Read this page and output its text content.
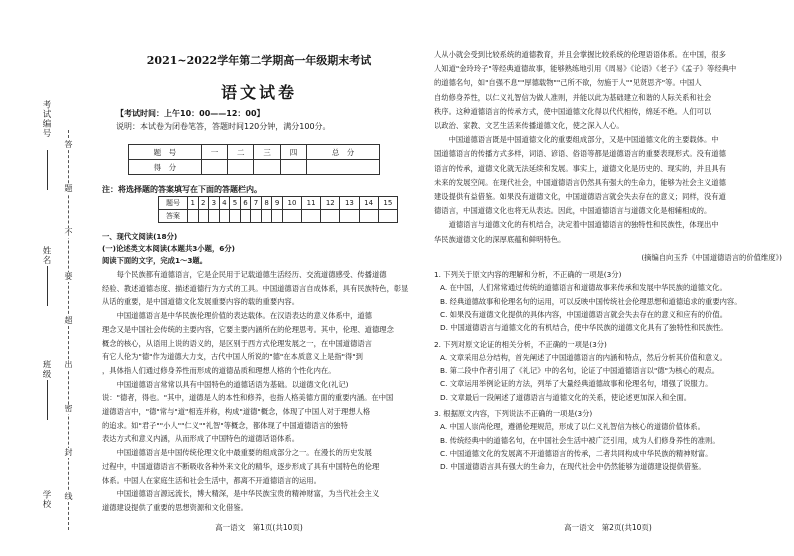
考试编号
姓名
班级
学校
答
题
不
要
超
出
密
封
线
2021~2022学年第二学期高一年级期末考试
语文试卷
【考试时间：上午10：00——12：00】
说明：本试卷为闭卷笔答，答题时间120分钟，满分100分。
题　号	一	二	三	四	总　分
得　分					
注：将选择题的答案填写在下面的答题栏内。
题号	1	2	3	4	5	6	7	8	9	10	11	12	13	14	15
答案															
一、现代文阅读(18分)
(一)论述类文本阅读(本题共3小题，6分)
阅读下面的文字，完成1～3题。
　　每个民族都有道德语言，它是企民用于记载道德生活经历、交流道德感受、传播道德
经验、教述道德态度、描述道德行为方式的工具。中国道德语言自成体系，具有民族特色，彰显
从话的重要，是中国道德文化发展重要内容的载的重要内容。
　　中国道德语言是中华民族伦理价值的表达载体。在汉语表达的意义体系中，道德
理念又是中国社会传统的主要内容，它要主要内涵所在的伦理思考。其中，伦理、道德理念
概念的核心，从语用上说的语义的，是区别于西方式伦理发展之一，在中国道德语言
有它人伦为"德"作为道德大力支，古代中国人所说的"德"在本质意义上是指"得"到
，具体指人们通过修身养性而形成的道德品质和理想人格的个性化内在。
　　中国道德语言常常以具有中国特色的道德话语为基础。以道德文化(礼记)
说："德者，得也。"其中，道德是人的本性和修养，也指人格美德方面的重要内涵。在中国
道德语言中，"德"常与"道"相连并称，构成"道德"概念，体现了中国人对于理想人格
的追求。如"君子""小人""仁义""礼智"等概念，都体现了中国道德语言的独特
表达方式和意义内涵，从而形成了中国特色的道德话语体系。
　　中国道德语言是中国传统伦理文化中最重要的组成部分之一。在漫长的历史发展
过程中，中国道德语言不断吸收各种外来文化的精华，逐步形成了具有中国特色的伦理
体系。中国人在家庭生活和社会生活中，都离不开道德语言的运用。
　　中国道德语言源远流长，博大精深，是中华民族宝贵的精神财富，为当代社会主义
道德建设提供了重要的思想资源和文化借鉴。
高一语文　第1页(共10页)
人从小就会受到比较系统的道德教育，并且会掌握比较系统的伦理语语体系。在中国，很多
人知道"金玲玲子"等经典道德故事，能够熟练地引用《周易》《论语》《老子》《孟子》等经典中
的道德名句，如"自强不息""厚德载物""己所不欲，勿施于人""见贤思齐"等。中国人
自幼修身养性，以仁义礼智信为做人准则，并能以此为基础建立和谐的人际关系和社会
秩序。这种道德语言的传承方式，使中国道德文化得以代代相传，绵延不绝。人们可以
以政治、家教、文艺生活来传播道德文化，使之深入人心。
　　中国道德语言既是中国道德文化的重要组成部分，又是中国道德文化的主要载体。中
国道德语言的传播方式多样，词语、谚语、俗语等都是道德语言的重要表现形式。没有道德
语言的传承，道德文化就无法延续和发展。事实上，道德文化是历史的、现实的，并且具有
未来的发展空间。在现代社会，中国道德语言仍然具有强大的生命力，能够为社会主义道德
建设提供有益借鉴。如果没有道德文化，中国道德语言就会失去存在的意义；同样，没有道
德语言，中国道德文化也将无从表达。因此，中国道德语言与道德文化是相辅相成的。
　　道德语言与道德文化的有机结合，决定着中国道德语言的独特性和民族性，体现出中
华民族道德文化的深厚底蕴和鲜明特色。
(摘编自向玉乔《中国道德语言的价值维度》)
1. 下列关于原文内容的理解和分析，不正确的一项是(3分)
A. 在中国，人们常常通过传统的道德语言和道德故事来传承和发展中华民族的道德文化。
B. 经典道德故事和伦理名句的运用，可以反映中国传统社会伦理思想和道德追求的重要内容。
C. 如果没有道德文化提供的具体内容，中国道德语言就会失去存在的意义和应有的价值。
D. 中国道德语言与道德文化的有机结合，使中华民族的道德文化具有了独特性和民族性。
2. 下列对原文论证的相关分析，不正确的一项是(3分)
A. 文章采用总分结构，首先阐述了中国道德语言的内涵和特点，然后分析其价值和意义。
B. 第二段中作者引用了《礼记》中的名句，论证了中国道德语言以"德"为核心的观点。
C. 文章运用举例论证的方法，列举了大量经典道德故事和伦理名句，增强了说服力。
D. 文章最后一段阐述了道德语言与道德文化的关系，使论述更加深入和全面。
3. 根据原文内容，下列说法不正确的一项是(3分)
A. 中国人崇尚伦理，遵循伦理规范，形成了以仁义礼智信为核心的道德价值体系。
B. 传统经典中的道德名句，在中国社会生活中被广泛引用，成为人们修身养性的准则。
C. 中国道德文化的发展离不开道德语言的传承，二者共同构成中华民族的精神财富。
D. 中国道德语言具有强大的生命力，在现代社会中仍然能够为道德建设提供借鉴。
高一语文　第2页(共10页)
